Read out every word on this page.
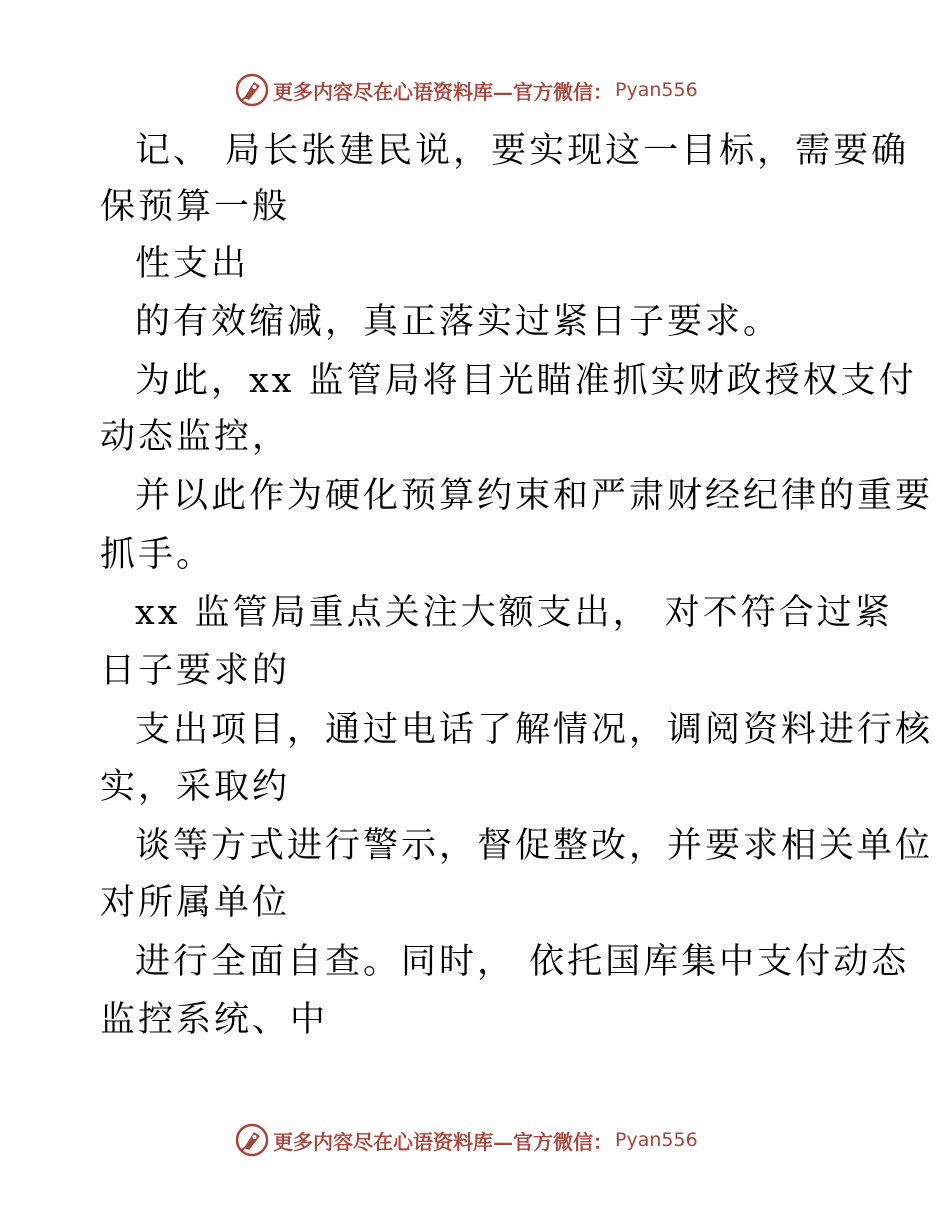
更多内容尽在心语资料库—官方微信： Pyan556
记、 局长张建民说，要实现这一目标，需要确
保预算一般
性支出
的有效缩减，真正落实过紧日子要求。
为此，xx 监管局将目光瞄准抓实财政授权支付
动态监控，
并以此作为硬化预算约束和严肃财经纪律的重要
抓手。
xx 监管局重点关注大额支出， 对不符合过紧
日子要求的
支出项目，通过电话了解情况，调阅资料进行核
实，采取约
谈等方式进行警示，督促整改，并要求相关单位
对所属单位
进行全面自查。同时， 依托国库集中支付动态
监控系统、中
更多内容尽在心语资料库—官方微信： Pyan556
